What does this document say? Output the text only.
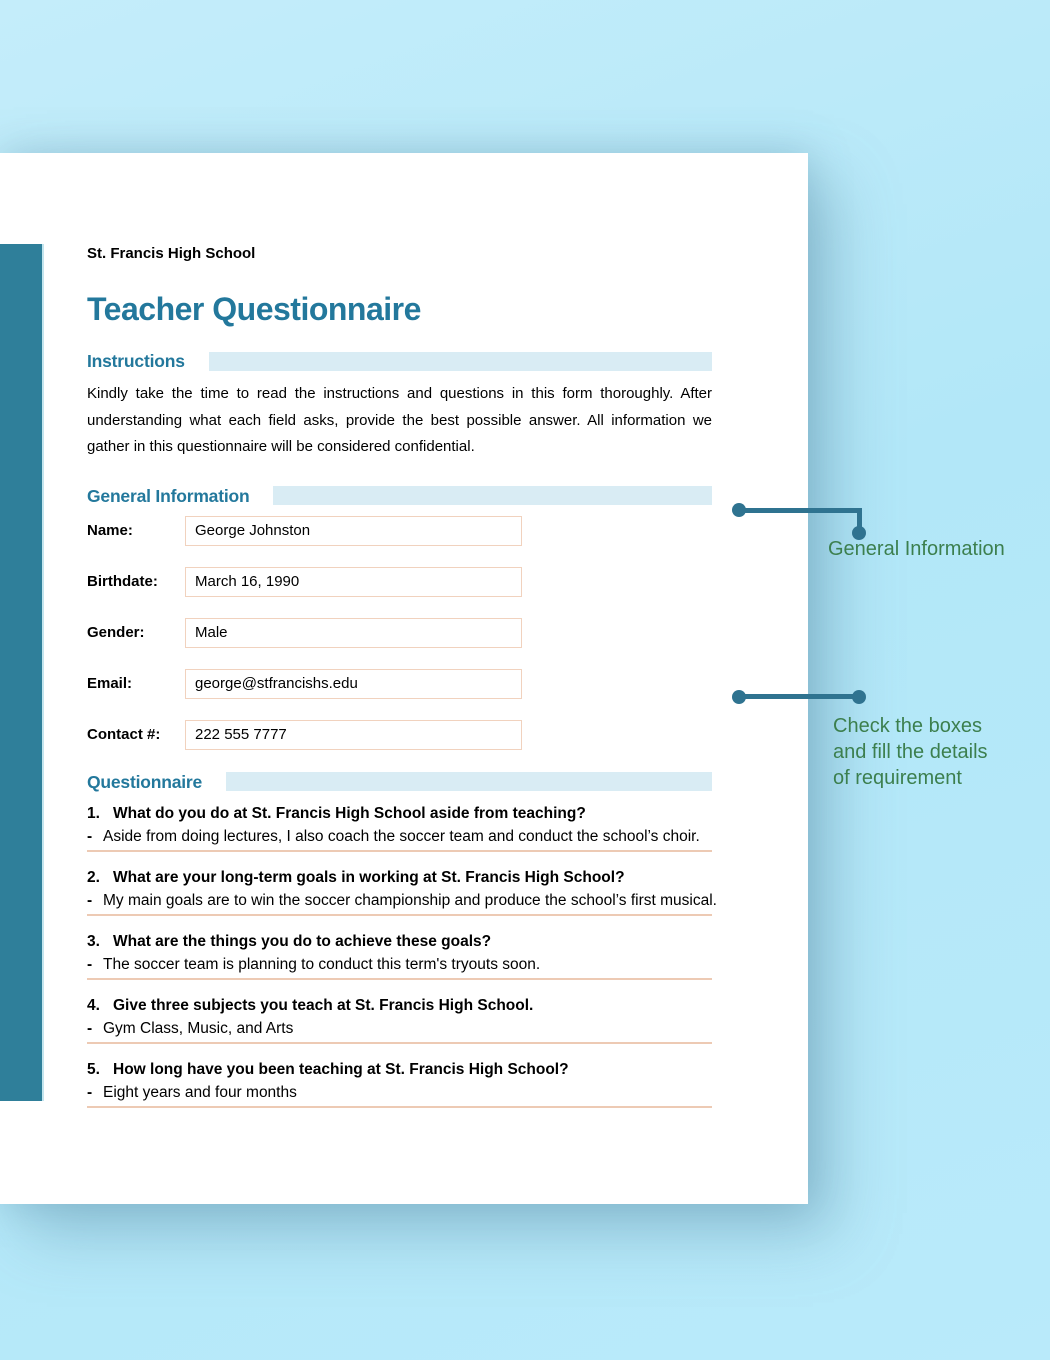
St. Francis High School

Teacher Questionnaire
Instructions

Kindly take the time to read the instructions and questions in this form thoroughly. After understanding what each field asks, provide the best possible answer. All information we gather in this questionnaire will be considered confidential.

General Information
Name:	George Johnston
Birthdate:	March 16, 1990
Gender:	Male
Email:	george@stfrancishs.edu
Contact #:	222 555 7777
Questionnaire
1. What do you do at St. Francis High School aside from teaching?
- Aside from doing lectures, I also coach the soccer team and conduct the school’s choir.
2. What are your long-term goals in working at St. Francis High School?
- My main goals are to win the soccer championship and produce the school’s first musical.
3. What are the things you do to achieve these goals?
- The soccer team is planning to conduct this term's tryouts soon.
4. Give three subjects you teach at St. Francis High School.
- Gym Class, Music, and Arts
5. How long have you been teaching at St. Francis High School?
- Eight years and four months
General Information
Check the boxes
and fill the details
of requirement
